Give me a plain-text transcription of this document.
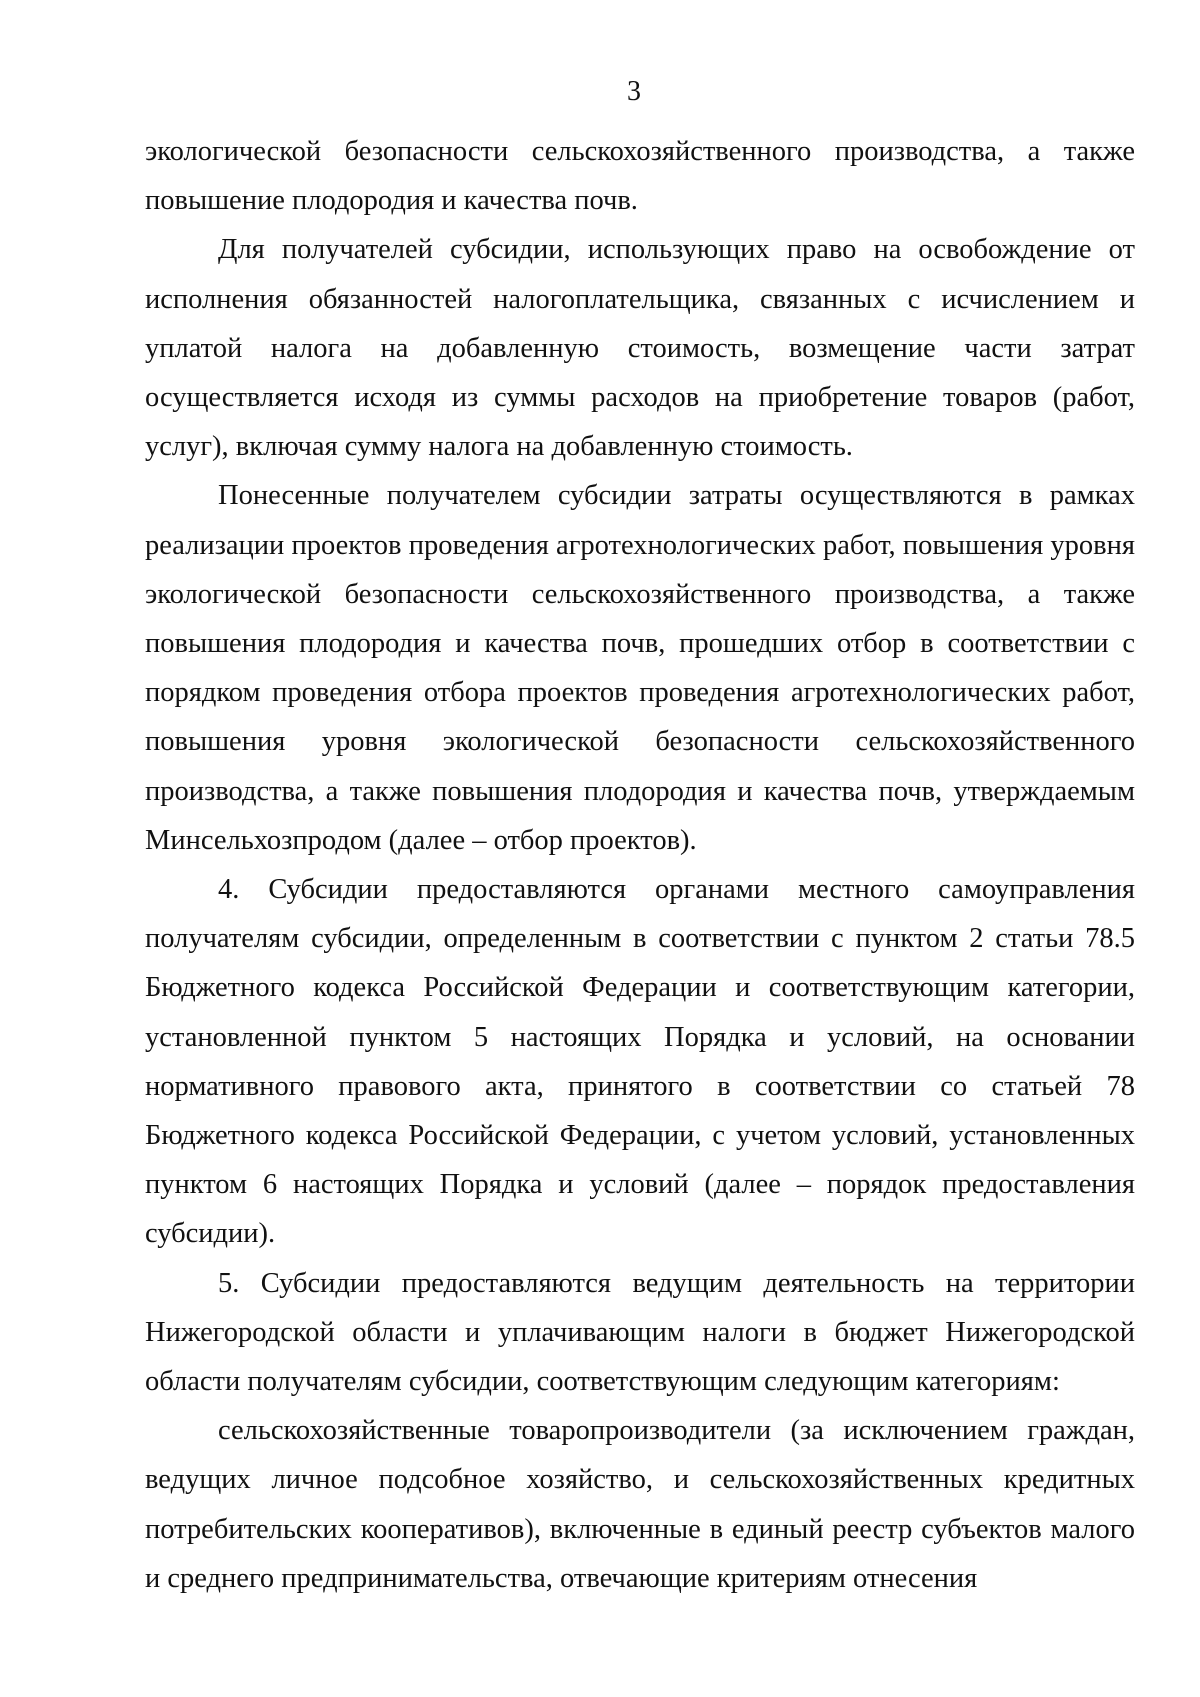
3

экологической безопасности сельскохозяйственного производства, а также повышение плодородия и качества почв.

Для получателей субсидии, использующих право на освобождение от исполнения обязанностей налогоплательщика, связанных с исчислением и уплатой налога на добавленную стоимость, возмещение части затрат осуществляется исходя из суммы расходов на приобретение товаров (работ, услуг), включая сумму налога на добавленную стоимость.

Понесенные получателем субсидии затраты осуществляются в рамках реализации проектов проведения агротехнологических работ, повышения уровня экологической безопасности сельскохозяйственного производства, а также повышения плодородия и качества почв, прошедших отбор в соответствии с порядком проведения отбора проектов проведения агротехнологических работ, повышения уровня экологической безопасности сельскохозяйственного производства, а также повышения плодородия и качества почв, утверждаемым Минсельхозпродом (далее – отбор проектов).

4. Субсидии предоставляются органами местного самоуправления получателям субсидии, определенным в соответствии с пунктом 2 статьи 78.5 Бюджетного кодекса Российской Федерации и соответствующим категории, установленной пунктом 5 настоящих Порядка и условий, на основании нормативного правового акта, принятого в соответствии со статьей 78 Бюджетного кодекса Российской Федерации, с учетом условий, установленных пунктом 6 настоящих Порядка и условий (далее – порядок предоставления субсидии).

5. Субсидии предоставляются ведущим деятельность на территории Нижегородской области и уплачивающим налоги в бюджет Нижегородской области получателям субсидии, соответствующим следующим категориям:

сельскохозяйственные товаропроизводители (за исключением граждан, ведущих личное подсобное хозяйство, и сельскохозяйственных кредитных потребительских кооперативов), включенные в единый реестр субъектов малого и среднего предпринимательства, отвечающие критериям отнесения
